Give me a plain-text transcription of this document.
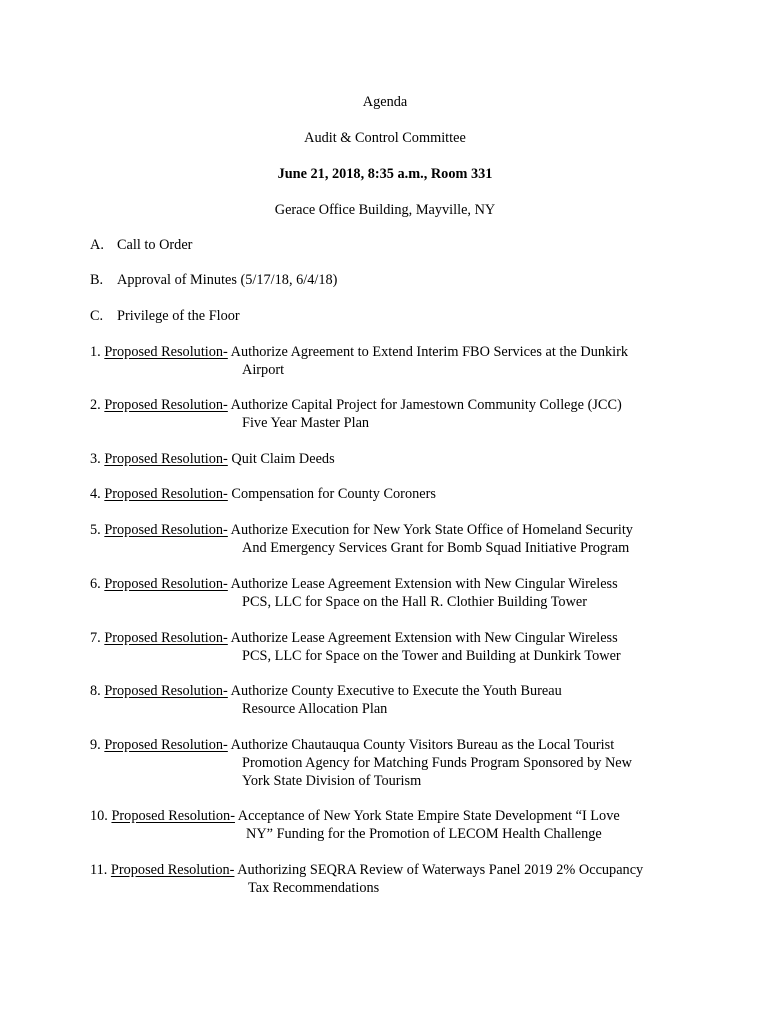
Agenda
Audit & Control Committee
June 21, 2018, 8:35 a.m., Room 331
Gerace Office Building, Mayville, NY
A. Call to Order
B. Approval of Minutes (5/17/18, 6/4/18)
C. Privilege of the Floor
1. Proposed Resolution- Authorize Agreement to Extend Interim FBO Services at the Dunkirk
Airport
2. Proposed Resolution- Authorize Capital Project for Jamestown Community College (JCC)
Five Year Master Plan
3. Proposed Resolution- Quit Claim Deeds
4. Proposed Resolution- Compensation for County Coroners
5. Proposed Resolution- Authorize Execution for New York State Office of Homeland Security
And Emergency Services Grant for Bomb Squad Initiative Program
6. Proposed Resolution- Authorize Lease Agreement Extension with New Cingular Wireless
PCS, LLC for Space on the Hall R. Clothier Building Tower
7. Proposed Resolution- Authorize Lease Agreement Extension with New Cingular Wireless
PCS, LLC for Space on the Tower and Building at Dunkirk Tower
8. Proposed Resolution- Authorize County Executive to Execute the Youth Bureau
Resource Allocation Plan
9. Proposed Resolution- Authorize Chautauqua County Visitors Bureau as the Local Tourist
Promotion Agency for Matching Funds Program Sponsored by New
York State Division of Tourism
10. Proposed Resolution- Acceptance of New York State Empire State Development “I Love
NY” Funding for the Promotion of LECOM Health Challenge
11. Proposed Resolution- Authorizing SEQRA Review of Waterways Panel 2019 2% Occupancy
Tax Recommendations
